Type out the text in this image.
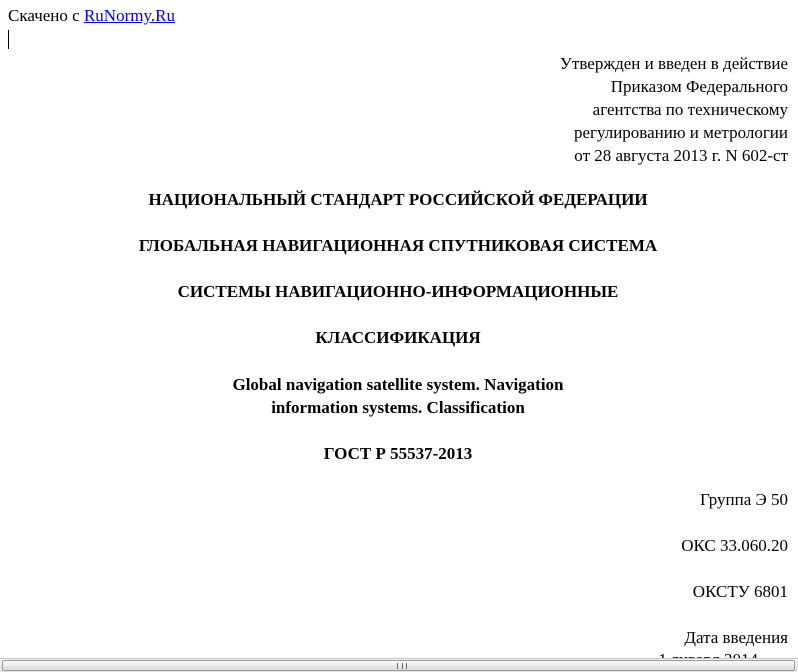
Скачено с RuNormy.Ru
Утвержден и введен в действие
Приказом Федерального
агентства по техническому
регулированию и метрологии
от 28 августа 2013 г. N 602-ст
НАЦИОНАЛЬНЫЙ СТАНДАРТ РОССИЙСКОЙ ФЕДЕРАЦИИ
ГЛОБАЛЬНАЯ НАВИГАЦИОННАЯ СПУТНИКОВАЯ СИСТЕМА
СИСТЕМЫ НАВИГАЦИОННО-ИНФОРМАЦИОННЫЕ
КЛАССИФИКАЦИЯ
Global navigation satellite system. Navigation
information systems. Classification
ГОСТ Р 55537-2013
Группа Э 50
ОКС 33.060.20
ОКСТУ 6801
Дата введения
